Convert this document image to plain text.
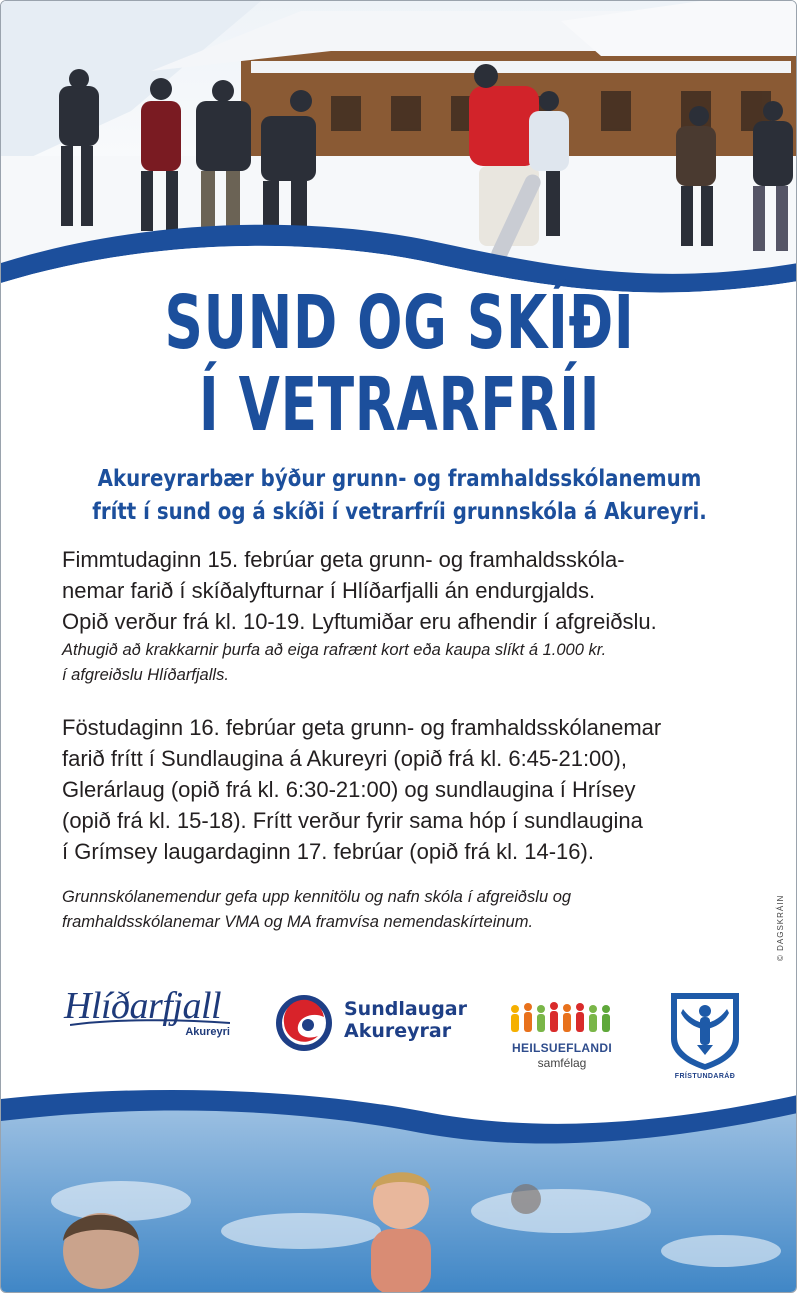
SUND OG SKÍÐI
Í VETRARFRÍI
Akureyrarbær býður grunn- og framhaldsskólanemum
frítt í sund og á skíði í vetrarfríi grunnskóla á Akureyri.

Fimmtudaginn 15. febrúar geta grunn- og framhaldsskóla-
nemar farið í skíðalyfturnar í Hlíðarfjalli án endurgjalds.
Opið verður frá kl. 10-19. Lyftumiðar eru afhendir í afgreiðslu.

Athugið að krakkarnir þurfa að eiga rafrænt kort eða kaupa slíkt á 1.000 kr.
í afgreiðslu Hlíðarfjalls.

Föstudaginn 16. febrúar geta grunn- og framhaldsskólanemar
farið frítt í Sundlaugina á Akureyri (opið frá kl. 6:45-21:00),
Glerárlaug (opið frá kl. 6:30-21:00) og sundlaugina í Hrísey
(opið frá kl. 15-18). Frítt verður fyrir sama hóp í sundlaugina
í Grímsey laugardaginn 17. febrúar (opið frá kl. 14-16).

Grunnskólanemendur gefa upp kennitölu og nafn skóla í afgreiðslu og
framhaldsskólanemar VMA og MA framvísa nemendaskírteinum.	© DAGSKRÁIN
Hlíðarfjall
Akureyri
Sundlaugar
Akureyrar
HEILSUEFLANDI
samfélag
FRÍSTUNDARÁÐ
